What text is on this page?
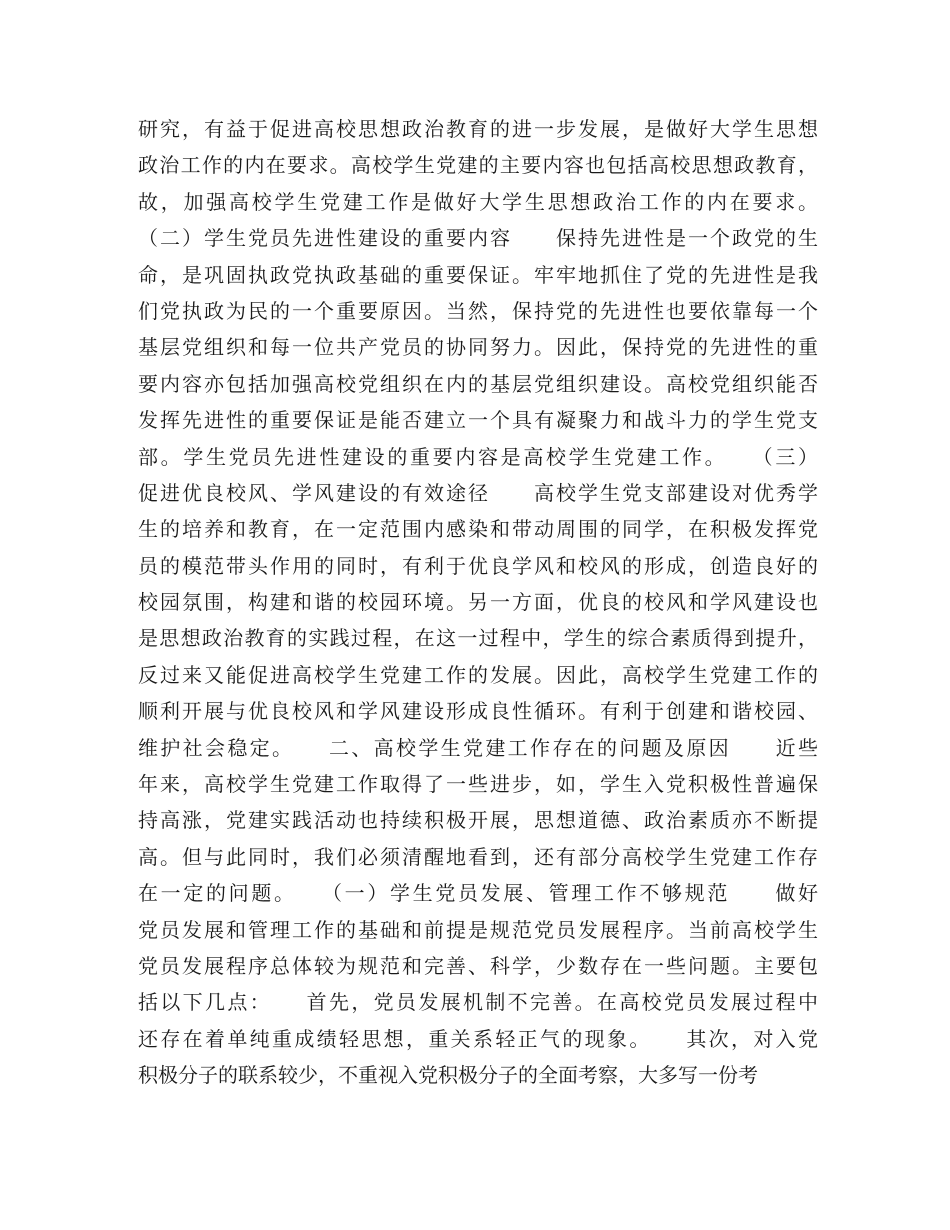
研究，有益于促进高校思想政治教育的进一步发展，是做好大学生思想
政治工作的内在要求。高校学生党建的主要内容也包括高校思想政教育，
故，加强高校学生党建工作是做好大学生思想政治工作的内在要求。
（二）学生党员先进性建设的重要内容　　保持先进性是一个政党的生
命，是巩固执政党执政基础的重要保证。牢牢地抓住了党的先进性是我
们党执政为民的一个重要原因。当然，保持党的先进性也要依靠每一个
基层党组织和每一位共产党员的协同努力。因此，保持党的先进性的重
要内容亦包括加强高校党组织在内的基层党组织建设。高校党组织能否
发挥先进性的重要保证是能否建立一个具有凝聚力和战斗力的学生党支
部。学生党员先进性建设的重要内容是高校学生党建工作。　　（三）
促进优良校风、学风建设的有效途径　　高校学生党支部建设对优秀学
生的培养和教育，在一定范围内感染和带动周围的同学，在积极发挥党
员的模范带头作用的同时，有利于优良学风和校风的形成，创造良好的
校园氛围，构建和谐的校园环境。另一方面，优良的校风和学风建设也
是思想政治教育的实践过程，在这一过程中，学生的综合素质得到提升，
反过来又能促进高校学生党建工作的发展。因此，高校学生党建工作的
顺利开展与优良校风和学风建设形成良性循环。有利于创建和谐校园、
维护社会稳定。　　二、高校学生党建工作存在的问题及原因　　近些
年来，高校学生党建工作取得了一些进步，如，学生入党积极性普遍保
持高涨，党建实践活动也持续积极开展，思想道德、政治素质亦不断提
高。但与此同时，我们必须清醒地看到，还有部分高校学生党建工作存
在一定的问题。　　（一）学生党员发展、管理工作不够规范　　做好
党员发展和管理工作的基础和前提是规范党员发展程序。当前高校学生
党员发展程序总体较为规范和完善、科学，少数存在一些问题。主要包
括以下几点：　　首先，党员发展机制不完善。在高校党员发展过程中
还存在着单纯重成绩轻思想，重关系轻正气的现象。　　其次，对入党
积极分子的联系较少，不重视入党积极分子的全面考察，大多写一份考
